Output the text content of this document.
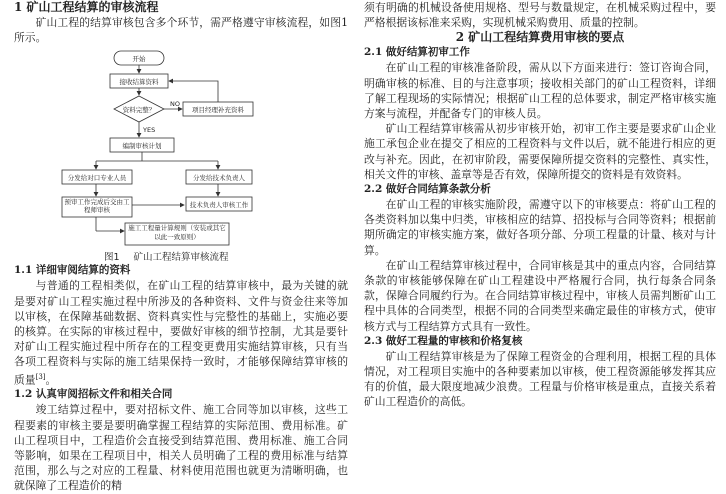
1 矿山工程结算的审核流程

矿山工程的结算审核包含多个环节，需严格遵守审核流程，如图1所示。

开始
接收结算资料
资料完整？
NO
项目经理补充资料
YES
编制审核计划
分发给对口专业人员	分发给技术负责人
技术负责人审核工作
预审工作完成后交由工程师审核
施工工程量计算规则（安装或其它以此一致原则）
图1 矿山工程结算审核流程

1.1 详细审阅结算的资料

与普通的工程相类似，在矿山工程的结算审核中，最为关键的就是要对矿山工程实施过程中所涉及的各种资料、文件与资金往来等加以审核，在保障基础数据、资料真实性与完整性的基础上，实施必要的核算。在实际的审核过程中，要做好审核的细节控制，尤其是要针对矿山工程实施过程中所存在的工程变更费用实施结算审核，只有当各项工程资料与实际的施工结果保持一致时，才能够保障结算审核的质量[3]。

1.2 认真审阅招标文件和相关合同

竣工结算过程中，要对招标文件、施工合同等加以审核，这些工程要素的审核主要是要明确掌握工程结算的实际范围、费用标准。矿山工程项目中，工程造价会直接受到结算范围、费用标准、施工合同等影响，如果在工程项目中，相关人员明确了工程的费用标准与结算范围，那么与之对应的工程量、材料使用范围也就更为清晰明确，也就保障了工程造价的精

须有明确的机械设备使用规格、型号与数量规定，在机械采购过程中，要严格根据该标准来采购，实现机械采购费用、质量的控制。

2 矿山工程结算费用审核的要点

2.1 做好结算初审工作

在矿山工程的审核准备阶段，需从以下方面来进行：签订咨询合同，明确审核的标准、目的与注意事项；接收相关部门的矿山工程资料，详细了解工程现场的实际情况；根据矿山工程的总体要求，制定严格审核实施方案与流程，并配备专门的审核人员。

矿山工程结算审核需从初步审核开始，初审工作主要是要求矿山企业施工承包企业在提交了相应的工程资料与文件以后，就不能进行相应的更改与补充。因此，在初审阶段，需要保障所提交资料的完整性、真实性，相关文件的审核、盖章等是否有效，保障所提交的资料是有效资料。

2.2 做好合同结算条款分析

在矿山工程的审核实施阶段，需遵守以下的审核要点：将矿山工程的各类资料加以集中归类，审核相应的结算、招投标与合同等资料；根据前期所确定的审核实施方案，做好各项分部、分项工程量的计量、核对与计算。

在矿山工程结算审核过程中，合同审核是其中的重点内容，合同结算条款的审核能够保障在矿山工程建设中严格履行合同，执行每条合同条款，保障合同履约行为。在合同结算审核过程中，审核人员需判断矿山工程中具体的合同类型，根据不同的合同类型来确定最佳的审核方式，使审核方式与工程结算方式具有一致性。

2.3 做好工程量的审核和价格复核

矿山工程结算审核是为了保障工程资金的合理利用，根据工程的具体情况，对工程项目实施中的各种要素加以审核，使工程资源能够发挥其应有的价值，最大限度地减少浪费。工程量与价格审核是重点，直接关系着矿山工程造价的高低。
